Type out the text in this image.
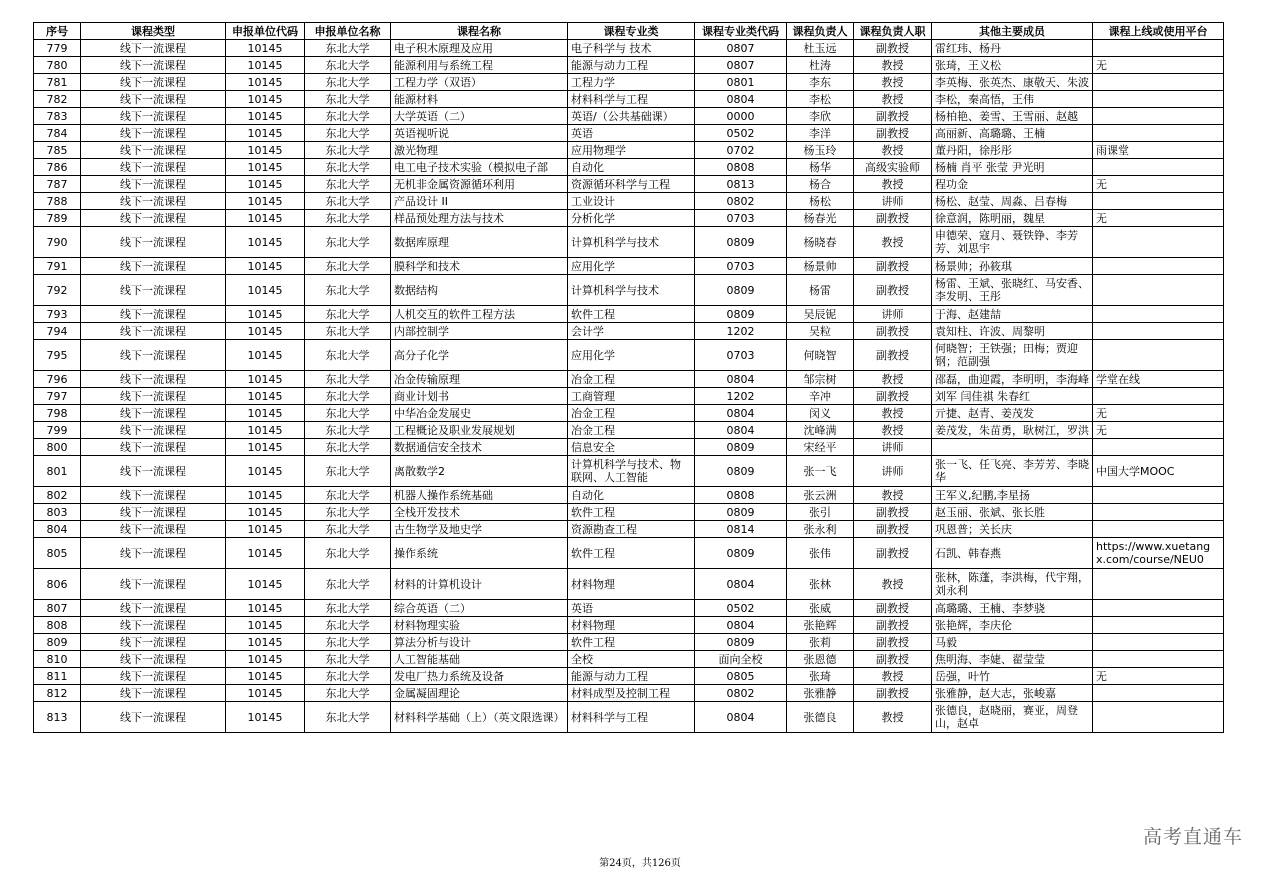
序号	课程类型	申报单位代码	申报单位名称	课程名称	课程专业类	课程专业类代码	课程负责人	课程负责人职	其他主要成员	课程上线或使用平台
779	线下一流课程	10145	东北大学	电子积木原理及应用	电子科学与 技术	0807	杜玉远	副教授	雷红玮、杨丹	
780	线下一流课程	10145	东北大学	能源利用与系统工程	能源与动力工程	0807	杜涛	教授	张琦，王义松	无
781	线下一流课程	10145	东北大学	工程力学（双语）	工程力学	0801	李东	教授	李英梅、张英杰、康敬天、朱波	
782	线下一流课程	10145	东北大学	能源材料	材料科学与工程	0804	李松	教授	李松，秦高悟，王伟	
783	线下一流课程	10145	东北大学	大学英语（二）	英语/（公共基础课）	0000	李欣	副教授	杨柏艳、姜雪、王雪丽、赵越	
784	线下一流课程	10145	东北大学	英语视听说	英语	0502	李洋	副教授	高丽新、高璐璐、王楠	
785	线下一流课程	10145	东北大学	激光物理	应用物理学	0702	杨玉玲	教授	董丹阳，徐彤彤	雨课堂
786	线下一流课程	10145	东北大学	电工电子技术实验（模拟电子部	自动化	0808	杨华	高级实验师	杨楠 肖平 张莹 尹光明	
787	线下一流课程	10145	东北大学	无机非金属资源循环利用	资源循环科学与工程	0813	杨合	教授	程功金	无
788	线下一流课程	10145	东北大学	产品设计 II	工业设计	0802	杨松	讲师	杨松、赵莹、周淼、吕春梅	
789	线下一流课程	10145	东北大学	样品预处理方法与技术	分析化学	0703	杨春光	副教授	徐意润，陈明丽，魏星	无
790	线下一流课程	10145	东北大学	数据库原理	计算机科学与技术	0809	杨晓春	教授	申德荣、寇月、聂铁铮、李芳芳、刘思宇	
791	线下一流课程	10145	东北大学	膜科学和技术	应用化学	0703	杨景帅	副教授	杨景帅；孙筱琪	
792	线下一流课程	10145	东北大学	数据结构	计算机科学与技术	0809	杨雷	副教授	杨雷、王斌、张晓红、马安香、李发明、王彤	
793	线下一流课程	10145	东北大学	人机交互的软件工程方法	软件工程	0809	吴辰铌	讲师	于海、赵建喆	
794	线下一流课程	10145	东北大学	内部控制学	会计学	1202	吴粒	副教授	袁知柱、许波、周黎明	
795	线下一流课程	10145	东北大学	高分子化学	应用化学	0703	何晓智	副教授	何晓智；王铁强；田梅；贾迎钢；范副强	
796	线下一流课程	10145	东北大学	冶金传输原理	冶金工程	0804	邹宗树	教授	邵磊，曲迎霞，李明明，李海峰	学堂在线
797	线下一流课程	10145	东北大学	商业计划书	工商管理	1202	辛冲	副教授	刘军 闫佳祺 朱春红	
798	线下一流课程	10145	东北大学	中华冶金发展史	冶金工程	0804	闵义	教授	亓捷、赵青、姜茂发	无
799	线下一流课程	10145	东北大学	工程概论及职业发展规划	冶金工程	0804	沈峰满	教授	姜茂发，朱苗勇，耿树江，罗洪	无
800	线下一流课程	10145	东北大学	数据通信安全技术	信息安全	0809	宋经平	讲师		
801	线下一流课程	10145	东北大学	离散数学2	计算机科学与技术、物联网、人工智能	0809	张一飞	讲师	张一飞、任飞亮、李芳芳、李晓华	中国大学MOOC
802	线下一流课程	10145	东北大学	机器人操作系统基础	自动化	0808	张云洲	教授	王军义,纪鹏,李星扬	
803	线下一流课程	10145	东北大学	全栈开发技术	软件工程	0809	张引	副教授	赵玉丽、张斌、张长胜	
804	线下一流课程	10145	东北大学	古生物学及地史学	资源勘查工程	0814	张永利	副教授	巩恩普；关长庆	
805	线下一流课程	10145	东北大学	操作系统	软件工程	0809	张伟	副教授	石凯、韩春燕	https://www.xuetangx.com/course/NEU0
806	线下一流课程	10145	东北大学	材料的计算机设计	材料物理	0804	张林	教授	张林，陈蓬，李洪梅，代宇翔，刘永利	
807	线下一流课程	10145	东北大学	综合英语（二）	英语	0502	张威	副教授	高璐璐、王楠、李梦骁	
808	线下一流课程	10145	东北大学	材料物理实验	材料物理	0804	张艳辉	副教授	张艳辉，李庆伦	
809	线下一流课程	10145	东北大学	算法分析与设计	软件工程	0809	张莉	副教授	马毅	
810	线下一流课程	10145	东北大学	人工智能基础	全校	面向全校	张恩德	副教授	焦明海、李婕、翟莹莹	
811	线下一流课程	10145	东北大学	发电厂热力系统及设备	能源与动力工程	0805	张琦	教授	岳强，叶竹	无
812	线下一流课程	10145	东北大学	金属凝固理论	材料成型及控制工程	0802	张雅静	副教授	张雅静，赵大志，张峻嘉	
813	线下一流课程	10145	东北大学	材料科学基础（上）（英文限选课）	材料科学与工程	0804	张德良	教授	张德良，赵晓丽，赛亚，周登山，赵卓	
高考直通车
第24页，共126页
